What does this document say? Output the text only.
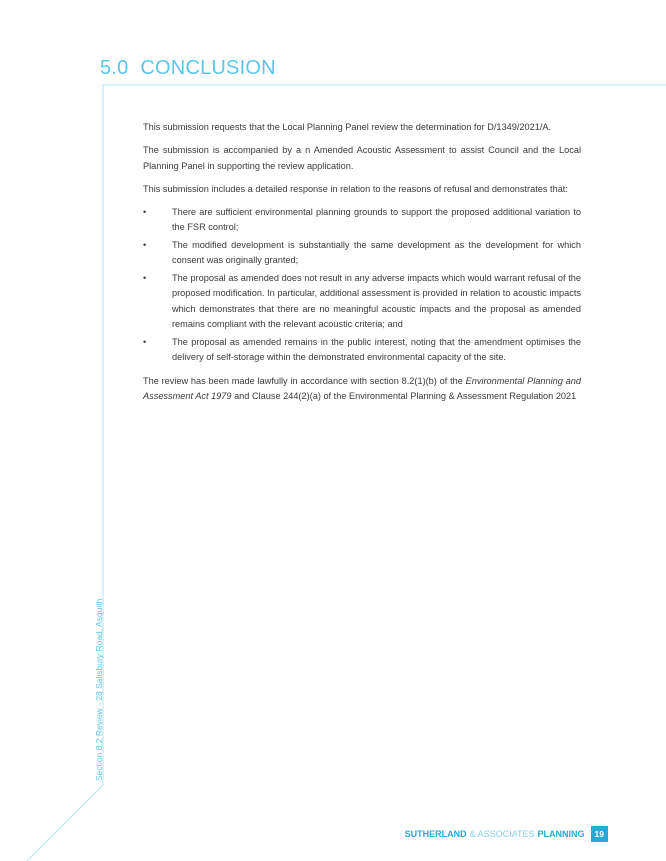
5.0 CONCLUSION

This submission requests that the Local Planning Panel review the determination for D/1349/2021/A.

The submission is accompanied by a n Amended Acoustic Assessment to assist Council and the Local Planning Panel in supporting the review application.

This submission includes a detailed response in relation to the reasons of refusal and demonstrates that:

•	There are sufficient environmental planning grounds to support the proposed additional variation to the FSR control;
•	The modified development is substantially the same development as the development for which consent was originally granted;
•	The proposal as amended does not result in any adverse impacts which would warrant refusal of the proposed modification. In particular, additional assessment is provided in relation to acoustic impacts which demonstrates that there are no meaningful acoustic impacts and the proposal as amended remains compliant with the relevant acoustic criteria; and
•	The proposal as amended remains in the public interest, noting that the amendment optimises the delivery of self-storage within the demonstrated environmental capacity of the site.

The review has been made lawfully in accordance with section 8.2(1)(b) of the Environmental Planning and Assessment Act 1979 and Clause 244(2)(a) of the Environmental Planning & Assessment Regulation 2021

Section 8.2 Review - 28 Salisbury Road, Asquith
SUTHERLAND & ASSOCIATES PLANNING	19
